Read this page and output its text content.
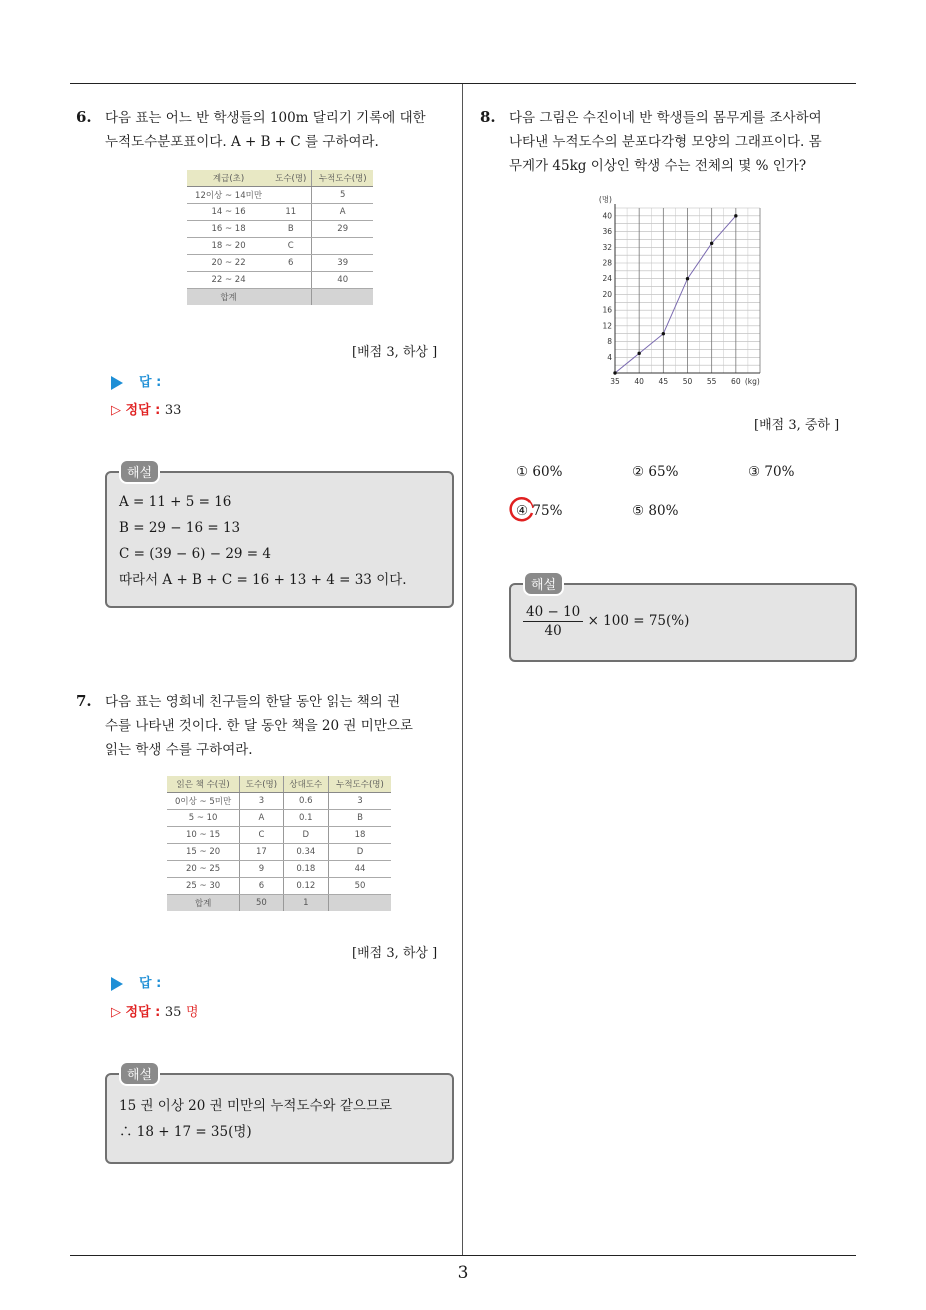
6. 다음 표는 어느 반 학생들의 100m 달리기 기록에 대한
누적도수분포표이다. A + B + C 를 구하여라.
계급(초)	도수(명)	누적도수(명)
12이상 ~ 14미만		5
14 ~ 16	11	A
16 ~ 18	B	29
18 ~ 20	C	
20 ~ 22	6	39
22 ~ 24		40
합계		
[배점 3, 하상 ]
답 :
▷ 정답 : 33
해설
A = 11 + 5 = 16
B = 29 − 16 = 13
C = (39 − 6) − 29 = 4
따라서 A + B + C = 16 + 13 + 4 = 33 이다.
7. 다음 표는 영희네 친구들의 한달 동안 읽는 책의 권
수를 나타낸 것이다. 한 달 동안 책을 20 권 미만으로
읽는 학생 수를 구하여라.
읽은 책 수(권)	도수(명)	상대도수	누적도수(명)
0이상 ~ 5미만	3	0.6	3
5 ~ 10	A	0.1	B
10 ~ 15	C	D	18
15 ~ 20	17	0.34	D
20 ~ 25	9	0.18	44
25 ~ 30	6	0.12	50
합계	50	1	
[배점 3, 하상 ]
답 :
▷ 정답 : 35 명
해설
15 권 이상 20 권 미만의 누적도수와 같으므로
∴ 18 + 17 = 35(명)
8. 다음 그림은 수진이네 반 학생들의 몸무게를 조사하여
나타낸 누적도수의 분포다각형 모양의 그래프이다. 몸
무게가 45kg 이상인 학생 수는 전체의 몇 % 인가?
4
8
12
16
20
24
28
32
36
40
(명)
35 40 45 50 55 60 (kg)
[배점 3, 중하 ]
① 60%	② 65%	③ 70%
④ 75%	⑤ 80%
해설
$\frac{40 - 10}{40} \times 100 = 75(\%)$
3
